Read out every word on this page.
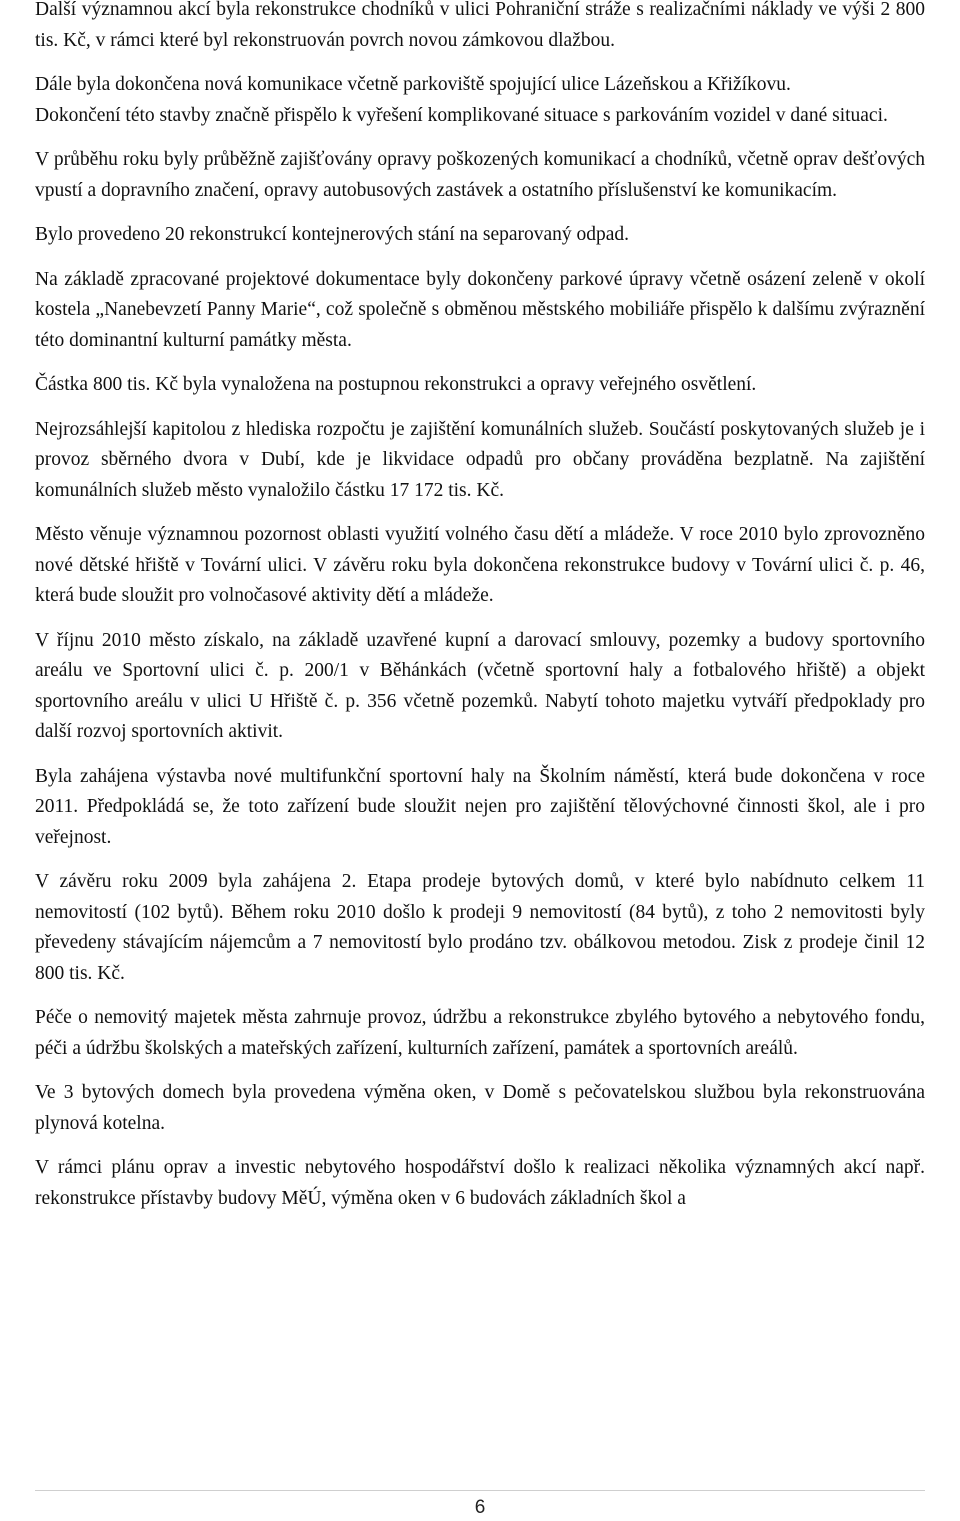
Další významnou akcí byla rekonstrukce chodníků v ulici Pohraniční stráže s realizačními náklady ve výši 2 800 tis. Kč, v rámci které byl rekonstruován povrch novou zámkovou dlažbou.

Dále byla dokončena nová komunikace včetně parkoviště spojující ulice Lázeňskou a Křižíkovu.

Dokončení této stavby značně přispělo k vyřešení komplikované situace s parkováním vozidel v dané situaci.

V průběhu roku byly průběžně zajišťovány opravy poškozených komunikací a chodníků, včetně oprav dešťových vpustí a dopravního značení, opravy autobusových zastávek a ostatního příslušenství ke komunikacím.

Bylo provedeno 20 rekonstrukcí kontejnerových stání na separovaný odpad.

Na základě zpracované projektové dokumentace byly dokončeny parkové úpravy včetně osázení zeleně v okolí kostela „Nanebevzetí Panny Marie“, což společně s obměnou městského mobiliáře přispělo k dalšímu zvýraznění této dominantní kulturní památky města.

Částka 800 tis. Kč byla vynaložena na postupnou rekonstrukci a opravy veřejného osvětlení.

Nejrozsáhlejší kapitolou z hlediska rozpočtu je zajištění komunálních služeb. Součástí poskytovaných služeb je i provoz sběrného dvora v Dubí, kde je likvidace odpadů pro občany prováděna bezplatně. Na zajištění komunálních služeb město vynaložilo částku 17 172 tis. Kč.

Město věnuje významnou pozornost oblasti využití volného času dětí a mládeže. V roce 2010 bylo zprovozněno nové dětské hřiště v Tovární ulici. V závěru roku byla dokončena rekonstrukce budovy v Tovární ulici č. p. 46, která bude sloužit pro volnočasové aktivity dětí a mládeže.

V říjnu 2010 město získalo, na základě uzavřené kupní a darovací smlouvy, pozemky a budovy sportovního areálu ve Sportovní ulici č. p. 200/1 v Běhánkách (včetně sportovní haly a fotbalového hřiště) a objekt sportovního areálu v ulici U Hřiště č. p. 356 včetně pozemků. Nabytí tohoto majetku vytváří předpoklady pro další rozvoj sportovních aktivit.

Byla zahájena výstavba nové multifunkční sportovní haly na Školním náměstí, která bude dokončena v roce 2011. Předpokládá se, že toto zařízení bude sloužit nejen pro zajištění tělovýchovné činnosti škol, ale i pro veřejnost.

V závěru roku 2009 byla zahájena 2. Etapa prodeje bytových domů, v které bylo nabídnuto celkem 11 nemovitostí (102 bytů). Během roku 2010 došlo k prodeji 9 nemovitostí (84 bytů), z toho 2 nemovitosti byly převedeny stávajícím nájemcům a 7 nemovitostí bylo prodáno tzv. obálkovou metodou. Zisk z prodeje činil 12 800 tis. Kč.

Péče o nemovitý majetek města zahrnuje provoz, údržbu a rekonstrukce zbylého bytového a nebytového fondu, péči a údržbu školských a mateřských zařízení, kulturních zařízení, památek a sportovních areálů.

Ve 3 bytových domech byla provedena výměna oken, v Domě s pečovatelskou službou byla rekonstruována plynová kotelna.

V rámci plánu oprav a investic nebytového hospodářství došlo k realizaci několika významných akcí např. rekonstrukce přístavby budovy MěÚ, výměna oken v 6 budovách základních škol a

6
